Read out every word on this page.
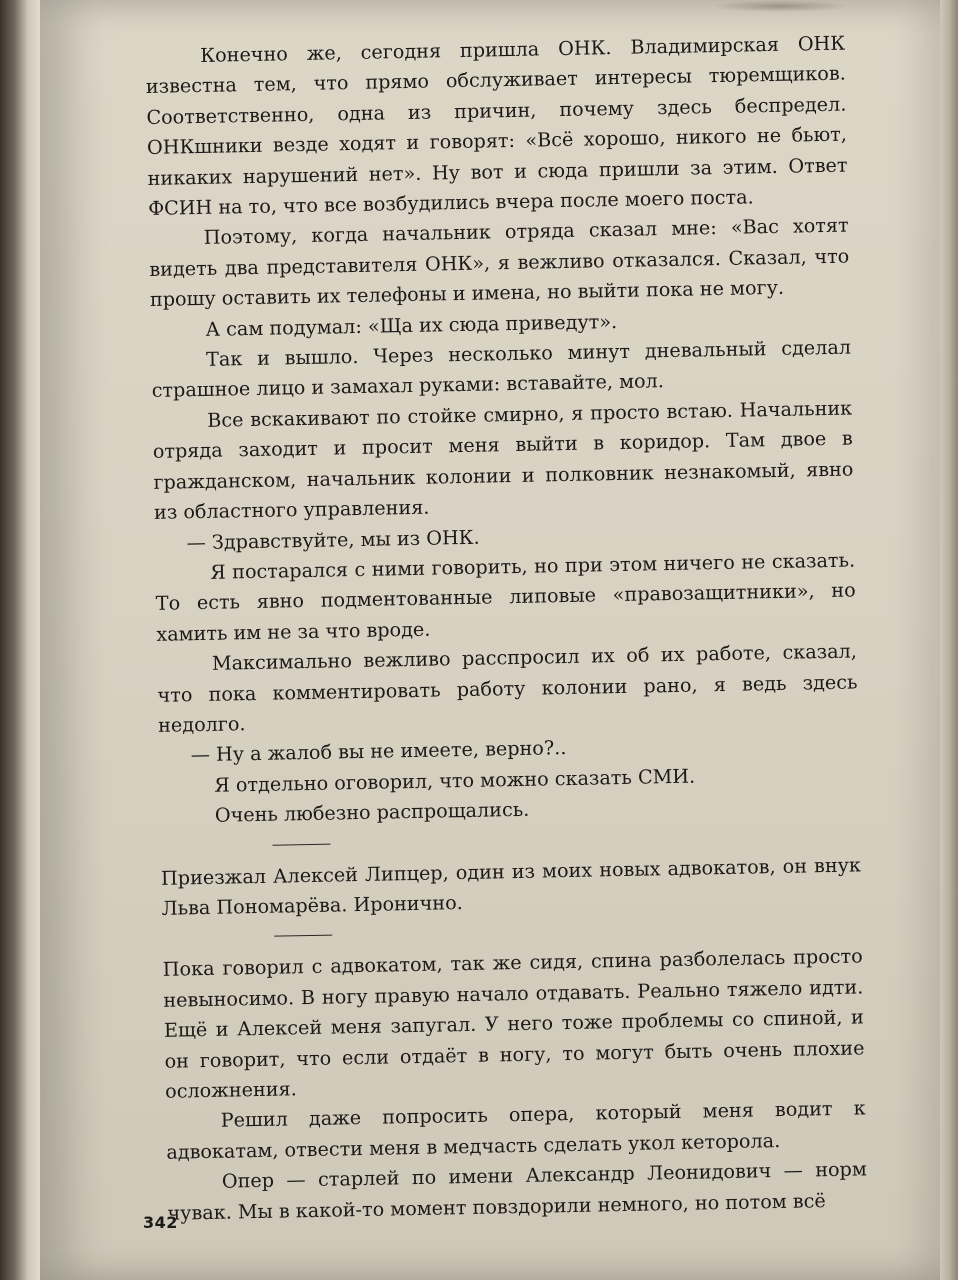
Конечно же, сегодня пришла ОНК. Владимирская ОНК известна тем, что прямо обслуживает интересы тюремщиков. Соответственно, одна из причин, почему здесь беспредел. ОНКшники везде ходят и говорят: «Всё хорошо, никого не бьют, никаких нарушений нет». Ну вот и сюда пришли за этим. Ответ ФСИН на то, что все возбудились вчера после моего поста.

Поэтому, когда начальник отряда сказал мне: «Вас хотят видеть два представителя ОНК», я вежливо отказался. Сказал, что прошу оставить их телефоны и имена, но выйти пока не могу.

А сам подумал: «Ща их сюда приведут».

Так и вышло. Через несколько минут дневальный сделал страшное лицо и замахал руками: вставайте, мол.

Все вскакивают по стойке смирно, я просто встаю. Начальник отряда заходит и просит меня выйти в коридор. Там двое в гражданском, начальник колонии и полковник незнакомый, явно из областного управления.

— Здравствуйте, мы из ОНК.

Я постарался с ними говорить, но при этом ничего не сказать. То есть явно подментованные липовые «правозащитники», но хамить им не за что вроде.

Максимально вежливо расспросил их об их работе, сказал, что пока комментировать работу колонии рано, я ведь здесь недолго.

— Ну а жалоб вы не имеете, верно?..

Я отдельно оговорил, что можно сказать СМИ.

Очень любезно распрощались.

Приезжал Алексей Липцер, один из моих новых адвокатов, он внук Льва Пономарёва. Иронично.

Пока говорил с адвокатом, так же сидя, спина разболелась просто невыносимо. В ногу правую начало отдавать. Реально тяжело идти. Ещё и Алексей меня запугал. У него тоже проблемы со спиной, и он говорит, что если отдаёт в ногу, то могут быть очень плохие осложнения.

Решил даже попросить опера, который меня водит к адвокатам, отвести меня в медчасть сделать укол кеторола.

Опер — старлей по имени Александр Леонидович — норм чувак. Мы в какой-то момент повздорили немного, но потом всё

342
